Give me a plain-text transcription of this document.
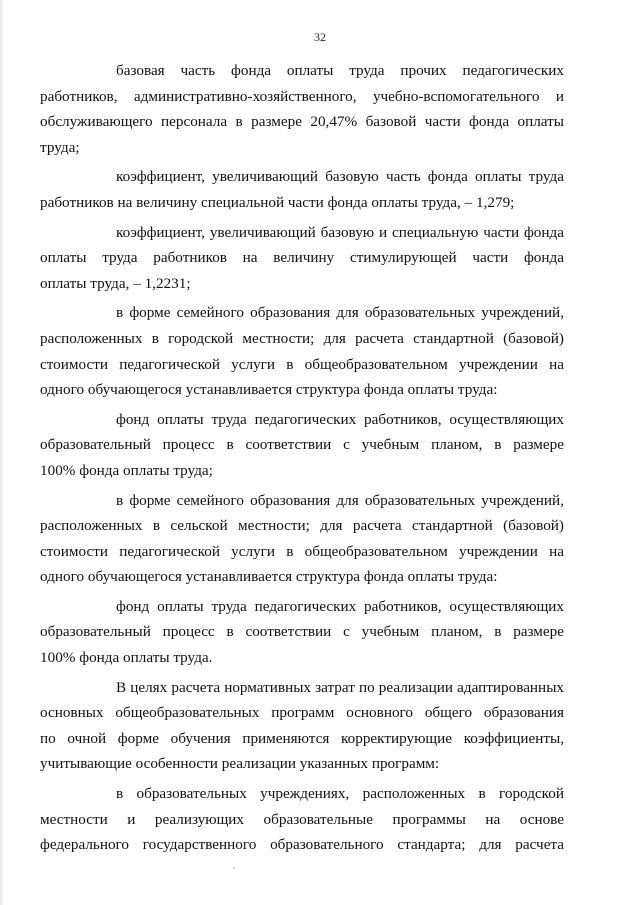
32

базовая часть фонда оплаты труда прочих педагогических
работников, административно-хозяйственного, учебно-вспомогательного и
обслуживающего персонала в размере 20,47% базовой части фонда оплаты
труда;

коэффициент, увеличивающий базовую часть фонда оплаты труда
работников на величину специальной части фонда оплаты труда, – 1,279;

коэффициент, увеличивающий базовую и специальную части фонда
оплаты труда работников на величину стимулирующей части фонда
оплаты труда, – 1,2231;

в форме семейного образования для образовательных учреждений,
расположенных в городской местности; для расчета стандартной (базовой)
стоимости педагогической услуги в общеобразовательном учреждении на
одного обучающегося устанавливается структура фонда оплаты труда:

фонд оплаты труда педагогических работников, осуществляющих
образовательный процесс в соответствии с учебным планом, в размере
100% фонда оплаты труда;

в форме семейного образования для образовательных учреждений,
расположенных в сельской местности; для расчета стандартной (базовой)
стоимости педагогической услуги в общеобразовательном учреждении на
одного обучающегося устанавливается структура фонда оплаты труда:

фонд оплаты труда педагогических работников, осуществляющих
образовательный процесс в соответствии с учебным планом, в размере
100% фонда оплаты труда.

В целях расчета нормативных затрат по реализации адаптированных
основных общеобразовательных программ основного общего образования
по очной форме обучения применяются корректирующие коэффициенты,
учитывающие особенности реализации указанных программ:

в образовательных учреждениях, расположенных в городской
местности и реализующих образовательные программы на основе
федерального государственного образовательного стандарта; для расчета
